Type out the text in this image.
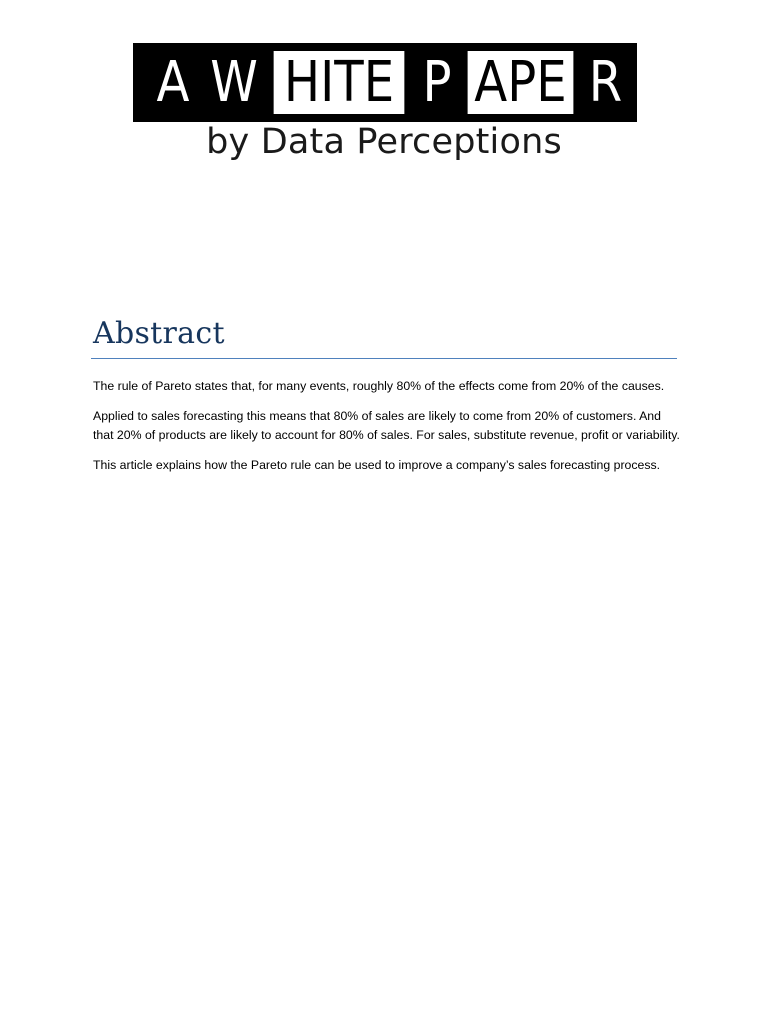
A W HITE P APE R
by Data Perceptions
Abstract

The rule of Pareto states that, for many events, roughly 80% of the effects come from 20% of the causes.

Applied to sales forecasting this means that 80% of sales are likely to come from 20% of customers. And that 20% of products are likely to account for 80% of sales. For sales, substitute revenue, profit or variability.

This article explains how the Pareto rule can be used to improve a company’s sales forecasting process.
